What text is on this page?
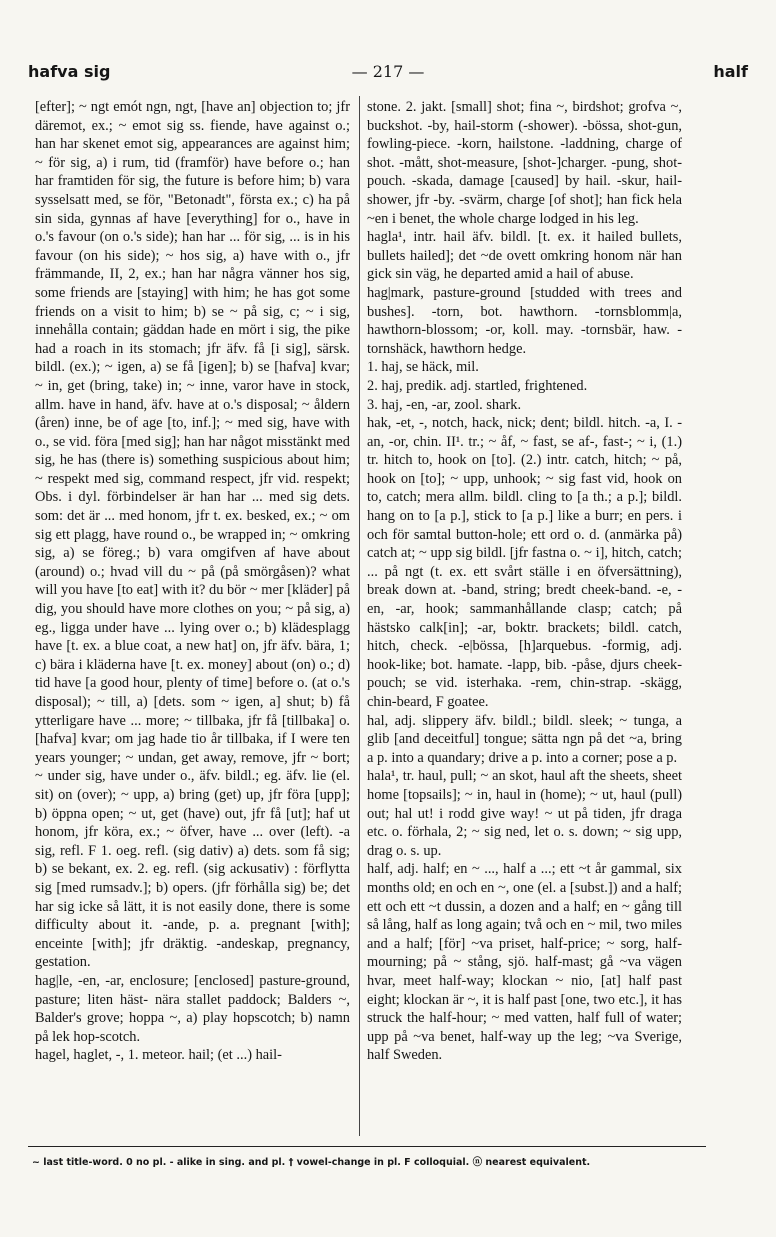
hafva sig	— 217 —	half

[efter]; ~ ngt emót ngn, ngt, [have an] objection to; jfr däremot, ex.; ~ emot sig ss. fiende, have against o.; han har skenet emot sig, appearances are against him; ~ för sig, a) i rum, tid (framför) have before o.; han har framtiden för sig, the future is before him; b) vara sysselsatt med, se för, "Betonadt", första ex.; c) ha på sin sida, gynnas af have [everything] for o., have in o.'s favour (on o.'s side); han har ... för sig, ... is in his favour (on his side); ~ hos sig, a) have with o., jfr främmande, II, 2, ex.; han har några vänner hos sig, some friends are [staying] with him; he has got some friends on a visit to him; b) se ~ på sig, c; ~ i sig, innehålla contain; gäddan hade en mört i sig, the pike had a roach in its stomach; jfr äfv. få [i sig], särsk. bildl. (ex.); ~ igen, a) se få [igen]; b) se [hafva] kvar; ~ in, get (bring, take) in; ~ inne, varor have in stock, allm. have in hand, äfv. have at o.'s disposal; ~ åldern (åren) inne, be of age [to, inf.]; ~ med sig, have with o., se vid. föra [med sig]; han har något misstänkt med sig, he has (there is) something suspicious about him; ~ respekt med sig, command respect, jfr vid. respekt; Obs. i dyl. förbindelser är han har ... med sig dets. som: det är ... med honom, jfr t. ex. besked, ex.; ~ om sig ett plagg, have round o., be wrapped in; ~ omkring sig, a) se föreg.; b) vara omgifven af have about (around) o.; hvad vill du ~ på (på smörgåsen)? what will you have [to eat] with it? du bör ~ mer [kläder] på dig, you should have more clothes on you; ~ på sig, a) eg., ligga under have ... lying over o.; b) klädesplagg have [t. ex. a blue coat, a new hat] on, jfr äfv. bära, 1; c) bära i kläderna have [t. ex. money] about (on) o.; d) tid have [a good hour, plenty of time] before o. (at o.'s disposal); ~ till, a) [dets. som ~ igen, a] shut; b) få ytterligare have ... more; ~ tillbaka, jfr få [tillbaka] o. [hafva] kvar; om jag hade tio år tillbaka, if I were ten years younger; ~ undan, get away, remove, jfr ~ bort; ~ under sig, have under o., äfv. bildl.; eg. äfv. lie (el. sit) on (over); ~ upp, a) bring (get) up, jfr föra [upp]; b) öppna open; ~ ut, get (have) out, jfr få [ut]; haf ut honom, jfr köra, ex.; ~ öfver, have ... over (left). -a sig, refl. F 1. oeg. refl. (sig dativ) a) dets. som få sig; b) se bekant, ex. 2. eg. refl. (sig ackusativ) : förflytta sig [med rumsadv.]; b) opers. (jfr förhålla sig) be; det har sig icke så lätt, it is not easily done, there is some difficulty about it. -ande, p. a. pregnant [with]; enceinte [with]; jfr dräktig. -andeskap, pregnancy, gestation.

hag|le, -en, -ar, enclosure; [enclosed] pasture-ground, pasture; liten häst- nära stallet paddock; Balders ~, Balder's grove; hoppa ~, a) play hopscotch; b) namn på lek hop-scotch.

hagel, haglet, -, 1. meteor. hail; (et ...) hail-

stone. 2. jakt. [small] shot; fina ~, birdshot; grofva ~, buckshot. -by, hail-storm (-shower). -bössa, shot-gun, fowling-piece. -korn, hailstone. -laddning, charge of shot. -mått, shot-measure, [shot-]charger. -pung, shot-pouch. -skada, damage [caused] by hail. -skur, hail-shower, jfr -by. -svärm, charge [of shot]; han fick hela ~en i benet, the whole charge lodged in his leg.

hagla¹, intr. hail äfv. bildl. [t. ex. it hailed bullets, bullets hailed]; det ~de ovett omkring honom när han gick sin väg, he departed amid a hail of abuse.

hag|mark, pasture-ground [studded with trees and bushes]. -torn, bot. hawthorn. -tornsblomm|a, hawthorn-blossom; -or, koll. may. -tornsbär, haw. -tornshäck, hawthorn hedge.

1. haj, se häck, mil.

2. haj, predik. adj. startled, frightened.

3. haj, -en, -ar, zool. shark.

hak, -et, -, notch, hack, nick; dent; bildl. hitch. -a, I. -an, -or, chin. II¹. tr.; ~ åf, ~ fast, se af-, fast-; ~ i, (1.) tr. hitch to, hook on [to]. (2.) intr. catch, hitch; ~ på, hook on [to]; ~ upp, unhook; ~ sig fast vid, hook on to, catch; mera allm. bildl. cling to [a th.; a p.]; bildl. hang on to [a p.], stick to [a p.] like a burr; en pers. i och för samtal button-hole; ett ord o. d. (anmärka på) catch at; ~ upp sig bildl. [jfr fastna o. ~ i], hitch, catch; ... på ngt (t. ex. ett svårt ställe i en öfversättning), break down at. -band, string; bredt cheek-band. -e, -en, -ar, hook; sammanhållande clasp; catch; på hästsko calk[in]; -ar, boktr. brackets; bildl. catch, hitch, check. -e|bössa, [h]arquebus. -formig, adj. hook-like; bot. hamate. -lapp, bib. -påse, djurs cheek-pouch; se vid. isterhaka. -rem, chin-strap. -skägg, chin-beard, F goatee.

hal, adj. slippery äfv. bildl.; bildl. sleek; ~ tunga, a glib [and deceitful] tongue; sätta ngn på det ~a, bring a p. into a quandary; drive a p. into a corner; pose a p.

hala¹, tr. haul, pull; ~ an skot, haul aft the sheets, sheet home [topsails]; ~ in, haul in (home); ~ ut, haul (pull) out; hal ut! i rodd give way! ~ ut på tiden, jfr draga etc. o. förhala, 2; ~ sig ned, let o. s. down; ~ sig upp, drag o. s. up.

half, adj. half; en ~ ..., half a ...; ett ~t år gammal, six months old; en och en ~, one (el. a [subst.]) and a half; ett och ett ~t dussin, a dozen and a half; en ~ gång till så lång, half as long again; två och en ~ mil, two miles and a half; [för] ~va priset, half-price; ~ sorg, half-mourning; på ~ stång, sjö. half-mast; gå ~va vägen hvar, meet half-way; klockan ~ nio, [at] half past eight; klockan är ~, it is half past [one, two etc.], it has struck the half-hour; ~ med vatten, half full of water; upp på ~va benet, half-way up the leg; ~va Sverige, half Sweden.

~ last title-word. 0 no pl. - alike in sing. and pl. † vowel-change in pl. F colloquial. ⓝ nearest equivalent.
